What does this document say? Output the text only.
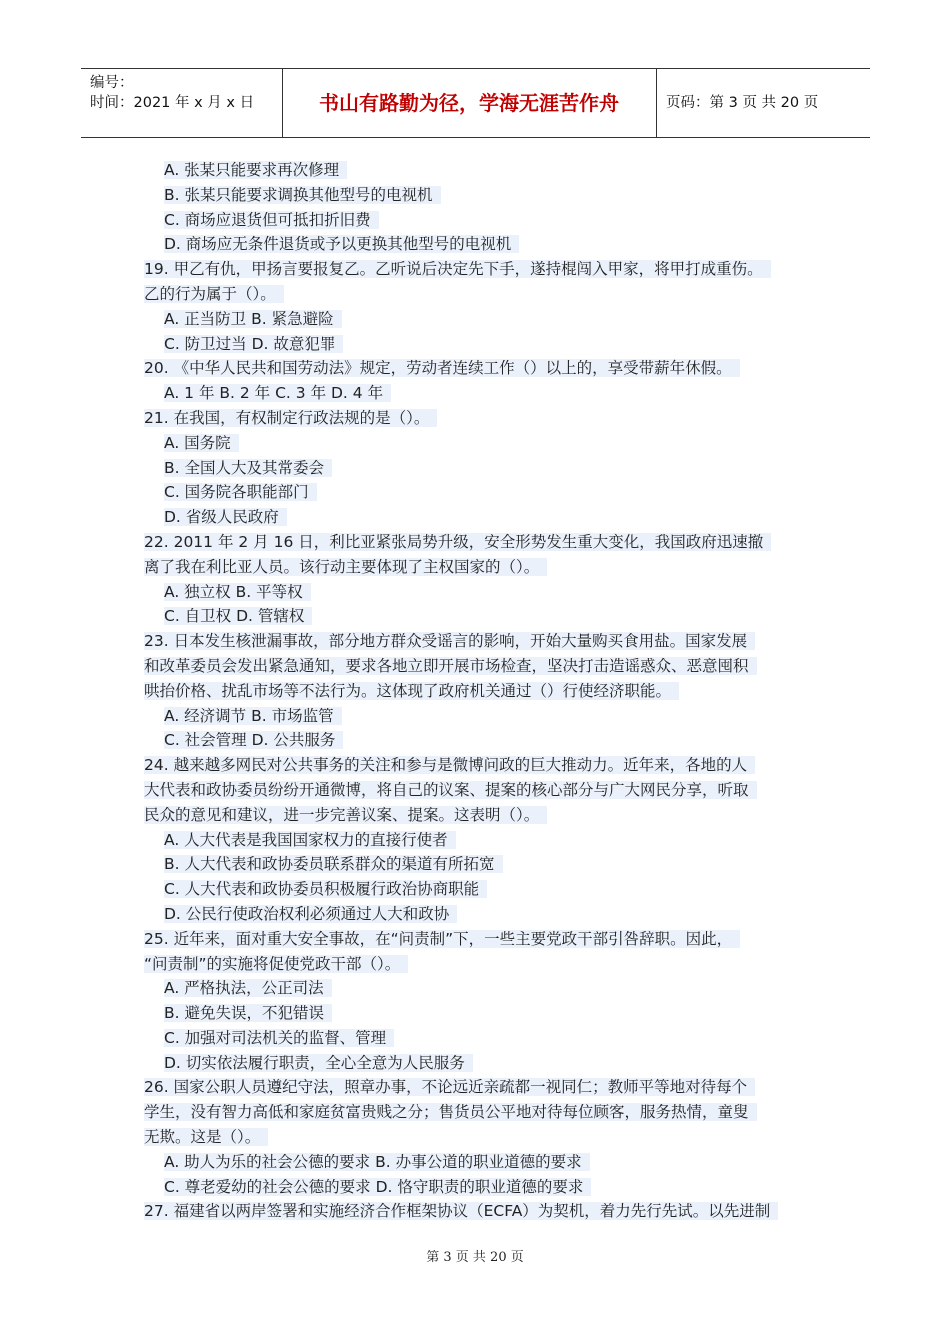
编号：
时间：2021 年 x 月 x 日	书山有路勤为径，学海无涯苦作舟	页码：第 3 页 共 20 页
A. 张某只能要求再次修理
B. 张某只能要求调换其他型号的电视机
C. 商场应退货但可抵扣折旧费
D. 商场应无条件退货或予以更换其他型号的电视机
19. 甲乙有仇，甲扬言要报复乙。乙听说后决定先下手，遂持棍闯入甲家，将甲打成重伤。
乙的行为属于（）。
A. 正当防卫 B. 紧急避险
C. 防卫过当 D. 故意犯罪
20. 《中华人民共和国劳动法》规定，劳动者连续工作（）以上的，享受带薪年休假。
A. 1 年 B. 2 年 C. 3 年 D. 4 年
21. 在我国，有权制定行政法规的是（）。
A. 国务院
B. 全国人大及其常委会
C. 国务院各职能部门
D. 省级人民政府
22. 2011 年 2 月 16 日，利比亚紧张局势升级，安全形势发生重大变化，我国政府迅速撤
离了我在利比亚人员。该行动主要体现了主权国家的（）。
A. 独立权 B. 平等权
C. 自卫权 D. 管辖权
23. 日本发生核泄漏事故，部分地方群众受谣言的影响，开始大量购买食用盐。国家发展
和改革委员会发出紧急通知，要求各地立即开展市场检查，坚决打击造谣惑众、恶意囤积
哄抬价格、扰乱市场等不法行为。这体现了政府机关通过（）行使经济职能。
A. 经济调节 B. 市场监管
C. 社会管理 D. 公共服务
24. 越来越多网民对公共事务的关注和参与是微博问政的巨大推动力。近年来，各地的人
大代表和政协委员纷纷开通微博，将自己的议案、提案的核心部分与广大网民分享，听取
民众的意见和建议，进一步完善议案、提案。这表明（）。
A. 人大代表是我国国家权力的直接行使者
B. 人大代表和政协委员联系群众的渠道有所拓宽
C. 人大代表和政协委员积极履行政治协商职能
D. 公民行使政治权利必须通过人大和政协
25. 近年来，面对重大安全事故，在“问责制”下，一些主要党政干部引咎辞职。因此，
“问责制”的实施将促使党政干部（）。
A. 严格执法，公正司法
B. 避免失误，不犯错误
C. 加强对司法机关的监督、管理
D. 切实依法履行职责，全心全意为人民服务
26. 国家公职人员遵纪守法，照章办事，不论远近亲疏都一视同仁；教师平等地对待每个
学生，没有智力高低和家庭贫富贵贱之分；售货员公平地对待每位顾客，服务热情，童叟
无欺。这是（）。
A. 助人为乐的社会公德的要求 B. 办事公道的职业道德的要求
C. 尊老爱幼的社会公德的要求 D. 恪守职责的职业道德的要求
27. 福建省以两岸签署和实施经济合作框架协议（ECFA）为契机，着力先行先试。以先进制
第 3 页 共 20 页
